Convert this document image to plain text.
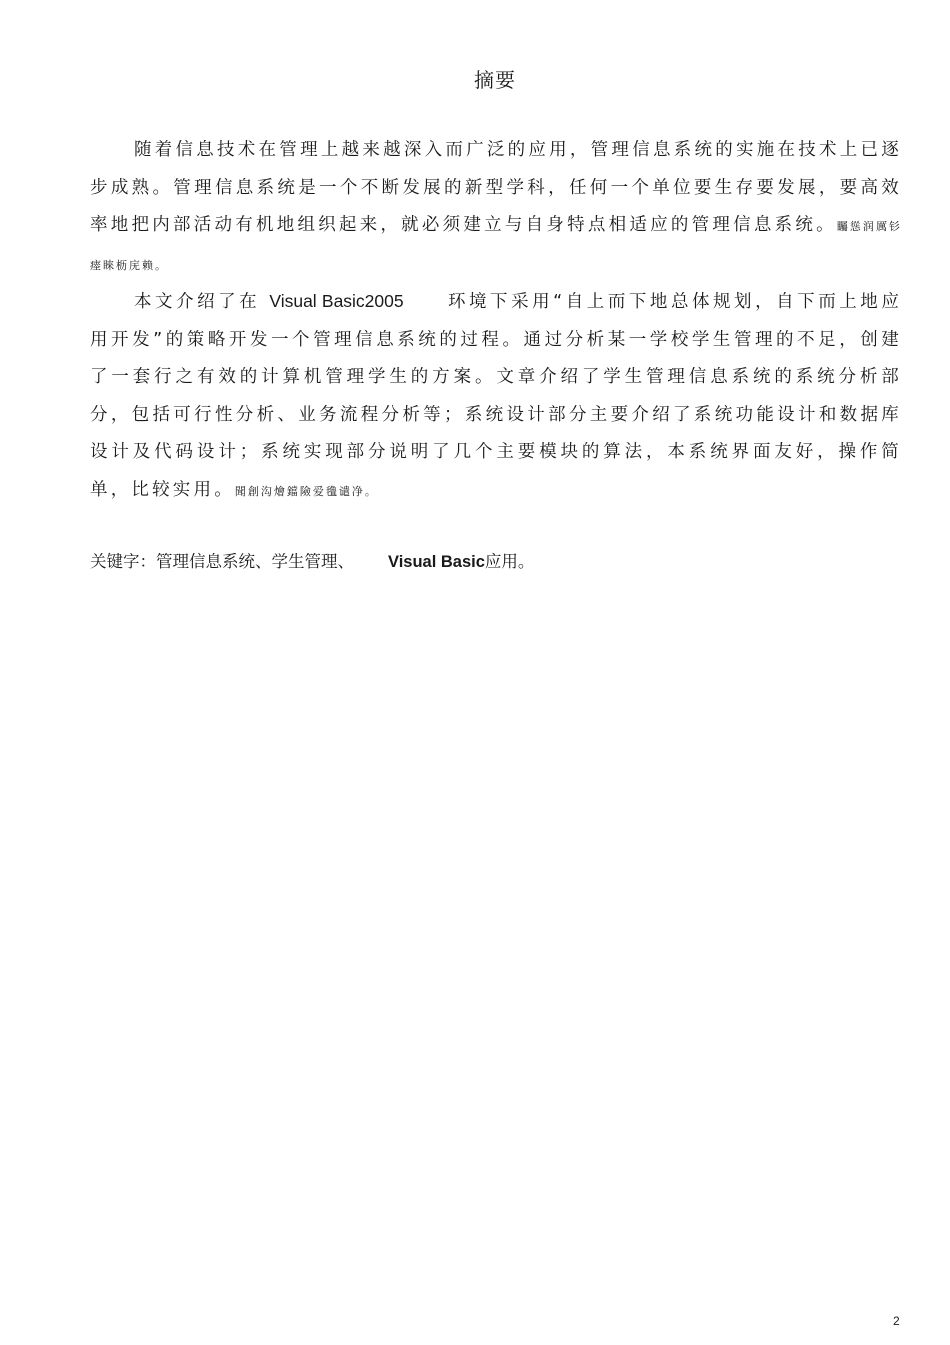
摘要

随着信息技术在管理上越来越深入而广泛的应用，管理信息系统的实施在技术上已逐步成熟。管理信息系统是一个不断发展的新型学科，任何一个单位要生存要发展，要高效率地把内部活动有机地组织起来，就必须建立与自身特点相适应的管理信息系统。矚慫润厲钐瘗睞枥庑赖。

本文介绍了在 Visual Basic2005	环境下采用“自上而下地总体规划，自下而上地应用开发”的策略开发一个管理信息系统的过程。通过分析某一学校学生管理的不足，创建了一套行之有效的计算机管理学生的方案。文章介绍了学生管理信息系统的系统分析部分，包括可行性分析、业务流程分析等；系统设计部分主要介绍了系统功能设计和数据库设计及代码设计；系统实现部分说明了几个主要模块的算法，本系统界面友好，操作简单，比较实用。聞創沟燴鐺險爱氇谴净。

关键字：管理信息系统、学生管理、 Visual Basic应用。
2
